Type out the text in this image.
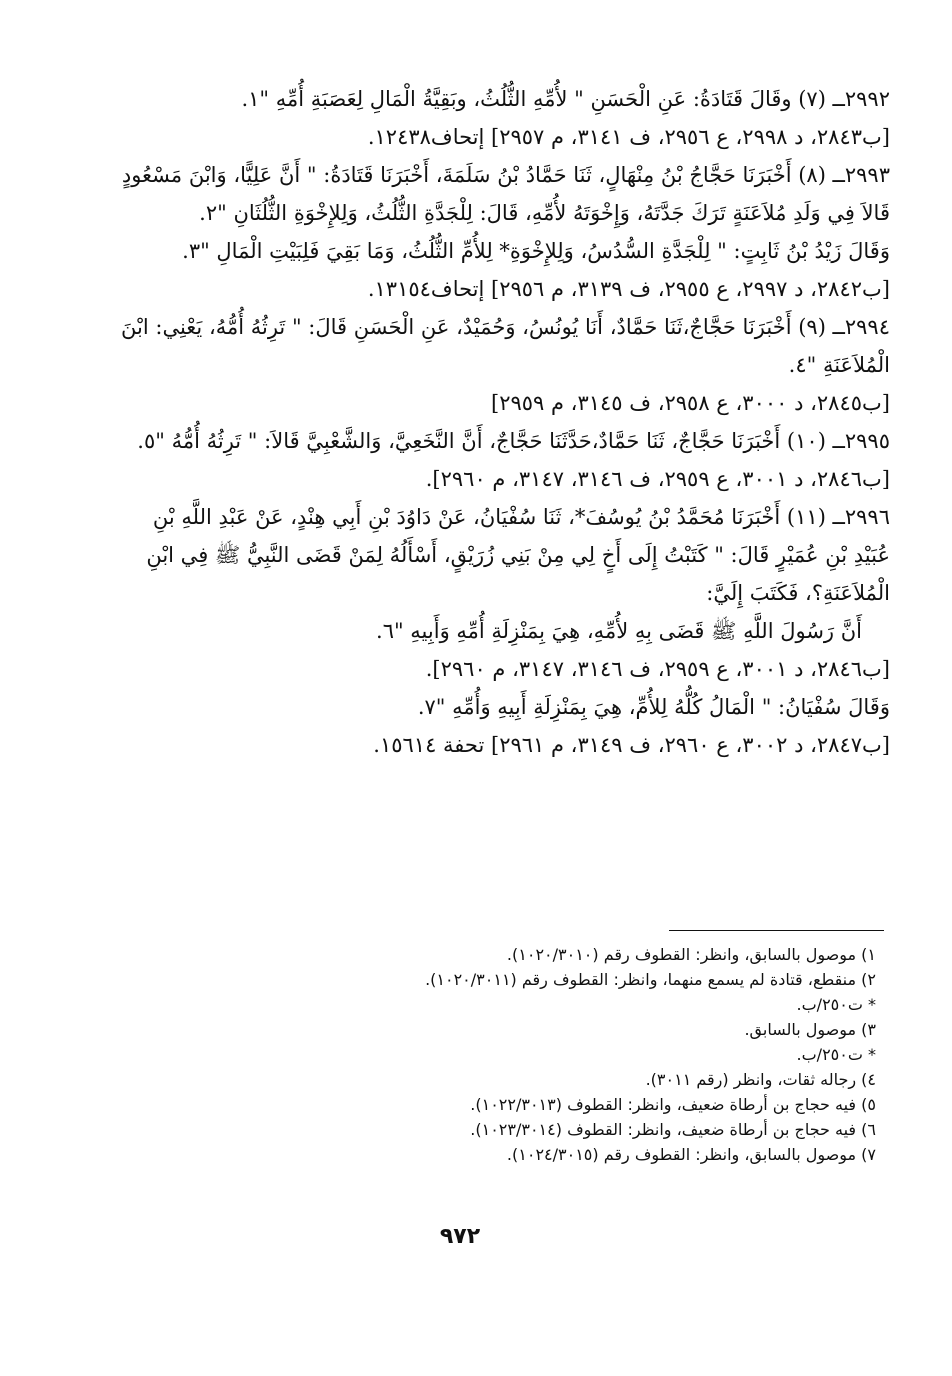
٢٩٩٢ــ (٧) وقَالَ قَتَادَةُ: عَنِ الْحَسَنِ " لأُمِّهِ الثُّلُثُ، وبَقِيَّةُ الْمَالِ لِعَصَبَةِ أُمِّهِ "١.

[ب٢٨٤٣، د ٢٩٩٨، ع ٢٩٥٦، ف ٣١٤١، م ٢٩٥٧] إتحاف١٢٤٣٨.

٢٩٩٣ــ (٨) أَخْبَرَنَا حَجَّاجُ بْنُ مِنْهَالٍ، ثَنَا حَمَّادُ بْنُ سَلَمَةَ، أَخْبَرَنَا قَتَادَةُ: " أَنَّ عَلِيًّا، وَابْنَ مَسْعُودٍ

قَالاَ فِي وَلَدِ مُلاَعَنَةٍ تَرَكَ جَدَّتَهُ، وَإِخْوَتَهُ لأُمِّهِ، قَالَ: لِلْجَدَّةِ الثُّلُثُ، وَلِلإِخْوَةِ الثُّلُثَانِ "٢.

وَقَالَ زَيْدُ بْنُ ثَابِتٍ: " لِلْجَدَّةِ السُّدُسُ، وَلِلإِخْوَةِ* لِلأُمِّ الثُّلُثُ، وَمَا بَقِيَ فَلِبَيْتِ الْمَالِ "٣.

[ب٢٨٤٢، د ٢٩٩٧، ع ٢٩٥٥، ف ٣١٣٩، م ٢٩٥٦] إتحاف١٣١٥٤.

٢٩٩٤ــ (٩) أَخْبَرَنَا حَجَّاجٌ،ثَنَا حَمَّادٌ، أَنَا يُونُسُ، وَحُمَيْدٌ، عَنِ الْحَسَنِ قَالَ: " تَرِثُهُ أُمُّهُ، يَعْنِي: ابْنَ

الْمُلاَعَنَةِ "٤.

[ب٢٨٤٥، د ٣٠٠٠، ع ٢٩٥٨، ف ٣١٤٥، م ٢٩٥٩]

٢٩٩٥ــ (١٠) أَخْبَرَنَا حَجَّاجٌ، ثَنَا حَمَّادٌ،حَدَّثَنَا حَجَّاجٌ، أَنَّ النَّخَعِيَّ، وَالشَّعْبِيَّ قَالاَ: " تَرِثُهُ أُمُّهُ "٥.

[ب٢٨٤٦، د ٣٠٠١، ع ٢٩٥٩، ف ٣١٤٦، ٣١٤٧، م ٢٩٦٠].

٢٩٩٦ــ (١١) أَخْبَرَنَا مُحَمَّدُ بْنُ يُوسُفَ*، ثَنَا سُفْيَانُ، عَنْ دَاوُدَ بْنِ أَبِي هِنْدٍ، عَنْ عَبْدِ اللَّهِ بْنِ

عُبَيْدِ بْنِ عُمَيْرٍ قَالَ: " كَتَبْتُ إِلَى أَخٍ لِي مِنْ بَنِي زُرَيْقٍ، أَسْأَلُهُ لِمَنْ قَضَى النَّبِيُّ ﷺ فِي ابْنِ

الْمُلاَعَنَةِ؟، فَكَتَبَ إِلَيَّ:

أَنَّ رَسُولَ اللَّهِ ﷺ قَضَى بِهِ لأُمِّهِ، هِيَ بِمَنْزِلَةِ أُمِّهِ وَأَبِيهِ "٦.

[ب٢٨٤٦، د ٣٠٠١، ع ٢٩٥٩، ف ٣١٤٦، ٣١٤٧، م ٢٩٦٠].

وَقَالَ سُفْيَانُ: " الْمَالُ كُلُّهُ لِلأُمِّ، هِيَ بِمَنْزِلَةِ أَبِيهِ وَأُمِّهِ "٧.

[ب٢٨٤٧، د ٣٠٠٢، ع ٢٩٦٠، ف ٣١٤٩، م ٢٩٦١] تحفة ١٥٦١٤.

١) موصول بالسابق، وانظر: القطوف رقم (١٠٢٠/٣٠١٠).

٢) منقطع، قتادة لم يسمع منهما، وانظر: القطوف رقم (١٠٢٠/٣٠١١).

* ت٢٥٠/ب.

٣) موصول بالسابق.

* ت٢٥٠/ب.

٤) رجاله ثقات، وانظر (رقم ٣٠١١).

٥) فيه حجاج بن أرطاة ضعيف، وانظر: القطوف (١٠٢٢/٣٠١٣).

٦) فيه حجاج بن أرطاة ضعيف، وانظر: القطوف (١٠٢٣/٣٠١٤).

٧) موصول بالسابق، وانظر: القطوف رقم (١٠٢٤/٣٠١٥).

٩٧٢
